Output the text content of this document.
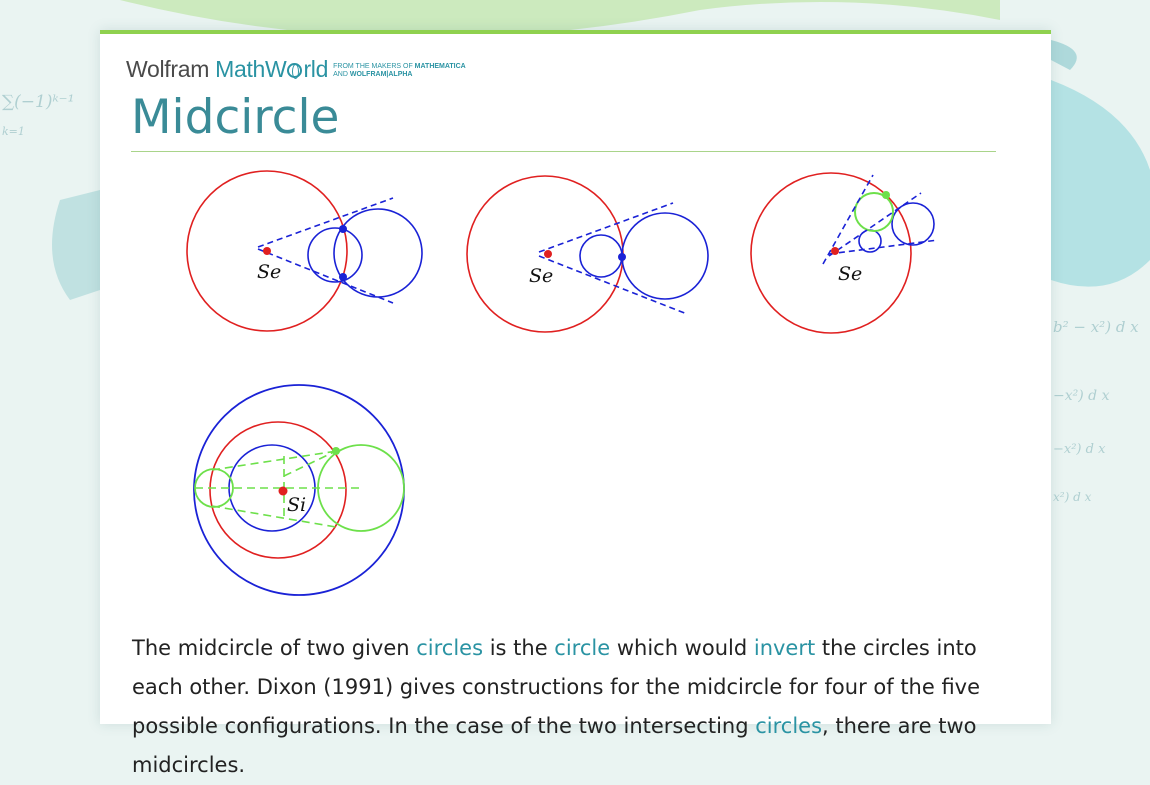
∑(−1)ᵏ⁻¹
k=1
b² − x²) d x
−x²) d x
−x²) d x
x²) d x
Wolfram MathW rld FROM THE MAKERS OF MATHEMATICA
AND WOLFRAM|ALPHA
Midcircle
Se	Se	Se
Si

The midcircle of two given circles is the circle which would invert the circles into each other. Dixon (1991) gives constructions for the midcircle for four of the five possible configurations. In the case of the two intersecting circles, there are two midcircles.
